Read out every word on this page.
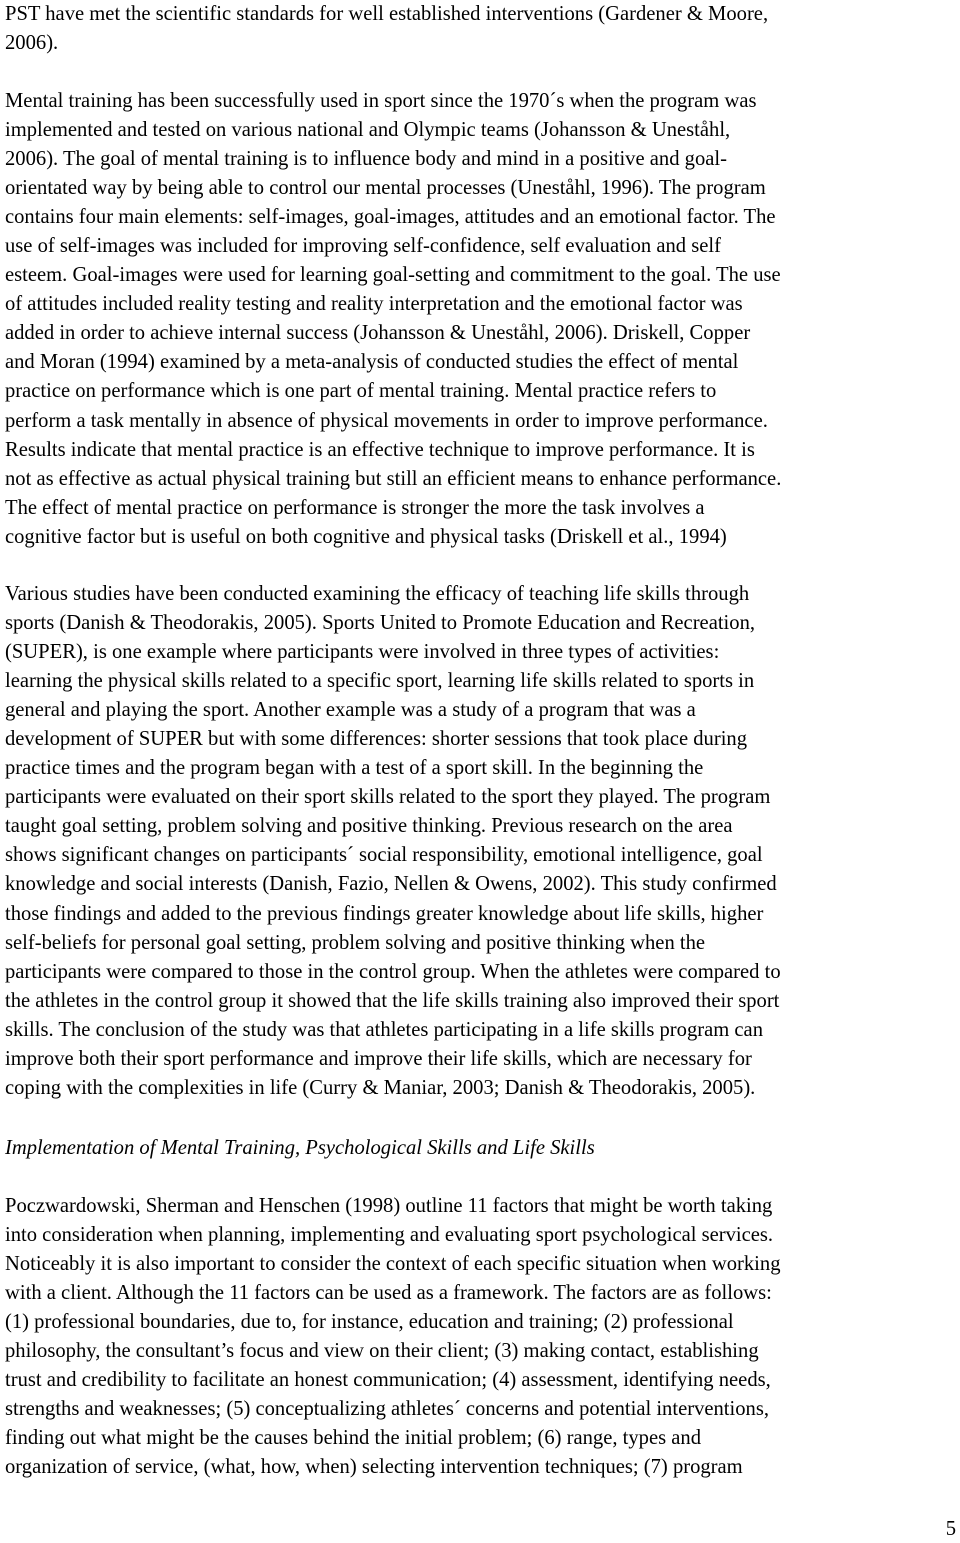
PST have met the scientific standards for well established interventions (Gardener & Moore,
2006).
Mental training has been successfully used in sport since the 1970´s when the program was
implemented and tested on various national and Olympic teams (Johansson & Uneståhl,
2006). The goal of mental training is to influence body and mind in a positive and goal-
orientated way by being able to control our mental processes (Uneståhl, 1996). The program
contains four main elements: self-images, goal-images, attitudes and an emotional factor. The
use of self-images was included for improving self-confidence, self evaluation and self
esteem. Goal-images were used for learning goal-setting and commitment to the goal. The use
of attitudes included reality testing and reality interpretation and the emotional factor was
added in order to achieve internal success (Johansson & Uneståhl, 2006). Driskell, Copper
and Moran (1994) examined by a meta-analysis of conducted studies the effect of mental
practice on performance which is one part of mental training. Mental practice refers to
perform a task mentally in absence of physical movements in order to improve performance.
Results indicate that mental practice is an effective technique to improve performance. It is
not as effective as actual physical training but still an efficient means to enhance performance.
The effect of mental practice on performance is stronger the more the task involves a
cognitive factor but is useful on both cognitive and physical tasks (Driskell et al., 1994)
Various studies have been conducted examining the efficacy of teaching life skills through
sports (Danish & Theodorakis, 2005). Sports United to Promote Education and Recreation,
(SUPER), is one example where participants were involved in three types of activities:
learning the physical skills related to a specific sport, learning life skills related to sports in
general and playing the sport. Another example was a study of a program that was a
development of SUPER but with some differences: shorter sessions that took place during
practice times and the program began with a test of a sport skill. In the beginning the
participants were evaluated on their sport skills related to the sport they played. The program
taught goal setting, problem solving and positive thinking. Previous research on the area
shows significant changes on participants´ social responsibility, emotional intelligence, goal
knowledge and social interests (Danish, Fazio, Nellen & Owens, 2002). This study confirmed
those findings and added to the previous findings greater knowledge about life skills, higher
self-beliefs for personal goal setting, problem solving and positive thinking when the
participants were compared to those in the control group. When the athletes were compared to
the athletes in the control group it showed that the life skills training also improved their sport
skills. The conclusion of the study was that athletes participating in a life skills program can
improve both their sport performance and improve their life skills, which are necessary for
coping with the complexities in life (Curry & Maniar, 2003; Danish & Theodorakis, 2005).
Implementation of Mental Training, Psychological Skills and Life Skills
Poczwardowski, Sherman and Henschen (1998) outline 11 factors that might be worth taking
into consideration when planning, implementing and evaluating sport psychological services.
Noticeably it is also important to consider the context of each specific situation when working
with a client. Although the 11 factors can be used as a framework. The factors are as follows:
(1) professional boundaries, due to, for instance, education and training; (2) professional
philosophy, the consultant’s focus and view on their client; (3) making contact, establishing
trust and credibility to facilitate an honest communication; (4) assessment, identifying needs,
strengths and weaknesses; (5) conceptualizing athletes´ concerns and potential interventions,
finding out what might be the causes behind the initial problem; (6) range, types and
organization of service, (what, how, when) selecting intervention techniques; (7) program
5
